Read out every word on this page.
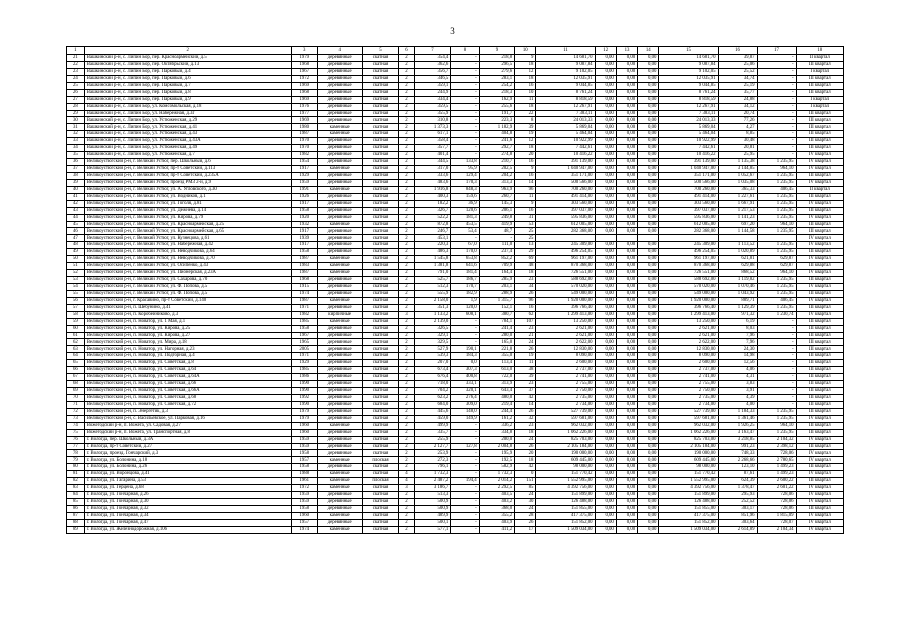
3
1	2	3	4	5	6	7	8	9	10	11	12	13	14	15	16	17	18
21	Вашкинский р-н, с. Липин Бор, пер. Красноармейский, д.5	1979	деревянные	скатная	2	354,4	-	218,8	9	14 681,70	0,00	0,00	0,00	14 681,70	39,87	-	II квартал
22	Вашкинский р-н, с. Липин Бор, пер. Октябрьский, д.13	1968	деревянные	скатная	2	362,6	-	296,5	18	9 087,84	0,00	0,00	0,00	9 087,84	25,06	-	III квартал
23	Вашкинский р-н, с. Липин Бор, пер. Парковый, д.4	1967	деревянные	скатная	2	356,7	-	279,6	12	9 102,05	0,00	0,00	0,00	9 102,05	25,52	-	I квартал
24	Вашкинский р-н, с. Липин Бор, пер. Парковый, д.6	1972	деревянные	скатная	2	346,5	-	283,1	18	12 035,91	0,00	0,00	0,00	12 035,91	34,74	-	III квартал
25	Вашкинский р-н, с. Липин Бор, пер. Парковый, д.7	1969	деревянные	скатная	2	359,1	-	254,2	16	9 044,85	0,00	0,00	0,00	9 044,85	25,19	-	III квартал
26	Вашкинский р-н, с. Липин Бор, пер. Парковый, д.8	1968	деревянные	скатная	2	244,9	-	218,3	10	8 761,24	0,00	0,00	0,00	8 761,24	35,77	-	III квартал
27	Вашкинский р-н, с. Липин Бор, пер. Парковый, д.9	1969	деревянные	скатная	2	334,4	-	162,9	11	8 818,59	0,00	0,00	0,00	8 818,59	24,88	-	I квартал
28	Вашкинский р-н, с. Липин Бор, ул. Комсомольская, д.18	1976	деревянные	скатная	2	359,5	-	255,6	18	12 267,91	0,00	0,00	0,00	12 267,91	34,12	-	I квартал
29	Вашкинский р-н, с. Липин Бор, ул. Набережная, д.3Г	1977	деревянные	скатная	2	355,9	-	191,7	22	7 383,11	0,00	0,00	0,00	7 383,11	20,74	-	III квартал
30	Вашкинский р-н, с. Липин Бор, ул. Устюженская, д.29	1969	деревянные	скатная	2	310,8	-	223,3	8	24 013,33	0,00	0,00	0,00	24 013,33	77,26	-	III квартал
31	Вашкинский р-н, с. Липин Бор, ул. Устюженская, д.41	1980	каменные	скатная	2	1 373,3	-	1 182,9	39	5 869,04	0,00	0,00	0,00	5 869,04	4,27	-	III квартал
32	Вашкинский р-н, с. Липин Бор, ул. Устюженская, д.43	1987	каменные	скатная	2	617,1	-	404,8	19	5 464,04	0,00	0,00	0,00	5 464,04	8,85	-	III квартал
33	Вашкинский р-н, с. Липин Бор, ул. Устюженская, д.43А	1970	деревянные	скатная	2	358,4	-	241,6	12	10 922,99	0,00	0,00	0,00	10 922,99	30,48	-	III квартал
34	Вашкинский р-н, с. Липин Бор, ул. Устюженская, д.49	1970	деревянные	скатная	2	357,7	-	292,7	18	7 442,61	0,00	0,00	0,00	7 442,61	20,81	-	III квартал
35	Вашкинский р-н, с. Липин Бор, ул. Устюженская, д.7	1982	деревянные	скатная	2	401,4	-	274,8	20	10 416,22	0,00	0,00	0,00	10 416,22	25,95	-	IV квартал
36	Великоустюгский р-н, г. Великий Устюг, пер. Школьный, д.6	1954	деревянные	скатная	2	344,5	133,8	210,7	16	391 139,00	0,00	0,00	0,00	391 139,00	1 135,38	1 235,95	IV квартал
37	Великоустюгский р-н, г. Великий Устюг, пр-т Советский, д.113	1917	каменные	скатная	2	317,0	95,9	202,5	9	1 040 947,00	0,00	0,00	0,00	1 040 947,00	3 144,85	964,10	IV квартал
38	Великоустюгский р-н, г. Великий Устюг, пр-т Советский, д.235А	1929	деревянные	скатная	2	333,6	129,4	204,2	16	351 171,00	0,00	0,00	0,00	351 171,00	1 052,67	1 235,95	III квартал
39	Великоустюгский р-н, г. Великий Устюг, проезд РМЗ 2-й, д.9	1959	деревянные	скатная	2	483,6	170,3	313,3	14	500 566,00	0,00	0,00	0,00	500 566,00	1 035,08	1 235,95	IV квартал
40	Великоустюгский р-н, г. Великий Устюг, ул. А. Угловского, д.30	1991	каменные	скатная	2	1 916,8	848,3	963,9	96	700 260,00	0,00	0,00	0,00	700 260,00	365,33	406,45	II квартал
41	Великоустюгский р-н, г. Великий Устюг, ул. Водников, д.1	1926	деревянные	скатная	2	400,3	159,6	260,7	11	491 414,00	0,00	0,00	0,00	491 414,00	1 227,61	1 235,95	III квартал
42	Великоустюгский р-н, г. Великий Устюг, ул. Гоголя, д.81	1917	деревянные	скатная	2	182,2	36,9	145,3	9	303 560,00	0,00	0,00	0,00	303 560,00	1 667,91	1 235,95	IV квартал
43	Великоустюгский р-н, г. Великий Устюг, ул. Дежнева, д.14	1958	деревянные	скатная	2	326,7	120,6	206,1	16	397 037,00	0,00	0,00	0,00	397 037,00	1 217,53	1 235,95	III квартал
44	Великоустюгский р-н, г. Великий Устюг, ул. Кирова, д.79	1920	деревянные	скатная	2	522,2	181,3	249,8	31	595 836,00	0,00	0,00	0,00	595 836,00	1 141,23	1 235,95	IV квартал
45	Великоустюгский р-н, г. Великий Устюг, ул. Красноармейская, д.25	1932	каменные	скатная	2	872,8	453,5	419,9	53	612 005,00	0,00	0,00	0,00	612 005,00	697,20	964,10	III квартал
46	Великоустюгский р-н, г. Великий Устюг, ул. Красноармейская, д.65	1917	деревянные	скатная	2	246,7	53,4	48,7	25	282 368,00	0,00	0,00	0,00	282 368,00	1 144,58	1 235,95	III квартал
47	Великоустюгский р-н, г. Великий Устюг, ул. Кузнецова, д.61	1939	деревянные	скатная	2	453,1	-	-	25								IV квартал
48	Великоустюгский р-н, г. Великий Устюг, ул. Набережная, д.42	1917	деревянные	скатная	2	220,3	67,0	111,0	13	245 309,00	0,00	0,00	0,00	245 309,00	1 113,52	1 235,95	IV квартал
49	Великоустюгский р-н, г. Великий Устюг, ул. Неводчикова, д.64	1958	деревянные	скатная	2	486,3	170,0	237,4	29	496 254,05	0,00	0,00	0,00	496 254,05	1 020,89	1 235,95	III квартал
50	Великоустюгский р-н, г. Великий Устюг, ул. Неводчикова, д.70	1987	каменные	скатная	2	1 545,8	653,8	852,2	69	961 197,00	0,00	0,00	0,00	961 197,00	621,81	629,87	IV квартал
51	Великоустюгский р-н, г. Великий Устюг, ул. Осипенко, д.43	1983	каменные	скатная	2	1 381,8	641,6	709,9	48	870 368,00	0,00	0,00	0,00	870 368,00	629,88	629,87	III квартал
52	Великоустюгский р-н, г. Великий Устюг, ул. Пионерская, д.23А	1987	каменные	скатная	2	791,0	181,4	164,4	18	726 551,00	0,00	0,00	0,00	726 551,00	868,52	964,10	IV квартал
53	Великоустюгский р-н, г. Великий Устюг, ул. Сахарова, д.70	1968	деревянные	скатная	2	525,7	186,7	285,9	23	588 692,00	0,00	0,00	0,00	588 692,00	1 119,82	1 235,95	III квартал
54	Великоустюгский р-н, г. Великий Устюг, ул. Ф. Попова, д.5	1915	деревянные	скатная	2	512,3	170,7	203,1	34	570 020,00	0,00	0,00	0,00	570 020,00	1 070,46	1 235,95	IV квартал
55	Великоустюгский р-н, г. Великий Устюг, ул. Ф. Попова, д.5	1974	деревянные	скатная	2	555,9	182,9	288,9	26	549 000,00	0,00	0,00	0,00	549 000,00	1 043,92	1 235,95	III квартал
56	Великоустюгский р-н, г. Красавино, пр-т Советский, д.140	1987	каменные	скатная	2	2 158,0	1,9	1 315,7	96	1 920 000,00	0,00	0,00	0,00	1 920 000,00	889,71	406,45	IV квартал
57	Великоустюгский р-н, п. Шебунино, д.41	1971	деревянные	скатная	2	351,3	120,0	152,1	16	396 766,40	0,00	0,00	0,00	396 766,40	1 129,39	1 235,95	III квартал
58	Великоустюгский р-н, п. Коробейниково, д.3	1982	кирпичные	скатная	3	1 133,2	608,1	380,7	62	1 299 413,00	0,00	0,00	0,00	1 299 413,00	971,32	1 230,74	IV квартал
59	Великоустюгский р-н, п. Новатор, ул. 1 Мая, д.1	1985	каменные	скатная	2	2 139,0	-	784,1	107	13 250,00	0,00	0,00	0,00	13 250,00	6,19	-	III квартал
60	Великоустюгский р-н, п. Новатор, ул. Кирова, д.25	1958	деревянные	скатная	2	326,5	-	241,4	23	2 621,00	0,00	0,00	0,00	2 621,00	8,03	-	III квартал
61	Великоустюгский р-н, п. Новатор, ул. Кирова, д.27	1967	деревянные	скатная	2	329,1	-	280,0	21	2 621,00	0,00	0,00	0,00	2 621,00	7,96	-	III квартал
62	Великоустюгский р-н, п. Новатор, ул. Мира, д.18	1965	деревянные	скатная	2	329,5	-	165,0	24	2 622,00	0,00	0,00	0,00	2 622,00	7,96	-	III квартал
63	Великоустюгский р-н, п. Новатор, ул. Нагорная, д.23	2005	деревянные	скатная	2	527,9	190,1	221,8	26	12 830,00	0,00	0,00	0,00	12 830,00	24,30	-	III квартал
64	Великоустюгский р-н, п. Новатор, ул. Подгорная, д.4	1971	деревянные	скатная	2	539,3	184,3	355,0	19	8 090,00	0,00	0,00	0,00	8 090,00	14,98	-	III квартал
65	Великоустюгский р-н, п. Новатор, ул. Советская, д.8	1929	деревянные	скатная	2	207,0	0,0	113,4	11	2 600,00	0,00	0,00	0,00	2 600,00	12,56	-	III квартал
66	Великоустюгский р-н, п. Новатор, ул. Советская, д.64	1985	деревянные	скатная	2	673,4	307,3	613,0	38	2 737,00	0,00	0,00	0,00	2 737,00	4,06	-	III квартал
67	Великоустюгский р-н, п. Новатор, ул. Советская, д.64А	1986	деревянные	скатная	2	676,4	400,8	722,0	39	2 741,00	0,00	0,00	0,00	2 741,00	4,31	-	III квартал
68	Великоустюгский р-н, п. Новатор, ул. Советская, д.66	1990	деревянные	скатная	2	718,0	333,1	313,9	23	2 755,00	0,00	0,00	0,00	2 755,00	3,83	-	III квартал
69	Великоустюгский р-н, п. Новатор, ул. Советская, д.66А	1990	деревянные	скатная	2	704,2	320,1	643,4	37	2 750,00	0,00	0,00	0,00	2 750,00	3,91	-	III квартал
70	Великоустюгский р-н, п. Новатор, ул. Советская, д.68	1992	деревянные	скатная	2	623,2	276,4	480,0	42	2 735,00	0,00	0,00	0,00	2 735,00	4,39	-	III квартал
71	Великоустюгский р-н, п. Новатор, ул. Советская, д.72	1990	деревянные	скатная	2	684,0	309,0	219,4	14	2 734,00	0,00	0,00	0,00	2 734,00	4,00	-	III квартал
72	Великоустюгский р-н, п. Энергетик, д.3	1979	деревянные	скатная	2	445,6	148,0	244,4	26	527 739,00	0,00	0,00	0,00	527 739,00	1 184,33	1 235,95	III квартал
73	Великоустюгский р-н, с. Васильевское, ул. Парковая, д.16	1979	деревянные	скатная	2	459,0	149,9	161,2	32	597 681,00	0,00	0,00	0,00	597 681,00	1 361,46	1 235,95	IV квартал
74	Вожегодский р-н, п. Вожега, ул. Садовая, д.27	1960	каменные	скатная	2	499,9	-	336,2	23	962 032,00	0,00	0,00	0,00	962 032,00	1 926,25	964,10	III квартал
75	Вожегодский р-н, п. Вожега, ул. Транспортная, д.8	1960	деревянные	скатная	2	335,7	-	334,8	18	1 062 226,00	0,00	0,00	0,00	1 062 226,00	3 163,47	1 235,95	III квартал
76	г. Вологда, пер. Школьный, д.3А	1959	деревянные	скатная	2	255,9	-	200,0	24	825 703,00	0,00	0,00	0,00	825 703,00	3 218,85	2 104,32	IV квартал
77	г. Вологда, пр-т Советский, д.27	1959	деревянные	скатная	2	2 127,7	127,8	2 004,8	26	2 105 184,00	0,00	0,00	0,00	2 105 184,00	991,23	2 398,12	III квартал
78	г. Вологда, проезд. Гончарский, д.3	1958	деревянные	скатная	2	253,9	-	195,9	20	190 000,00	0,00	0,00	0,00	190 000,00	748,33	728,06	IV квартал
79	г. Вологда, ул. Болонина, д.18	1957	каменные	плоская	2	272,3	-	192,5	18	609 445,00	0,00	0,00	0,00	609 445,00	2 268,66	2 780,65	IV квартал
80	г. Вологда, ул. Болонина, д.26	1958	деревянные	скатная	2	796,1	-	582,9	42	98 000,00	0,00	0,00	0,00	98 000,00	123,10	1 499,23	III квартал
81	г. Вологда, ул. Воронцова, д.41	1988	каменные	скатная	4	1 732,3	-	1 732,3	0	151 770,42	0,00	0,00	0,00	151 770,42	87,61	1 499,23	IV квартал
82	г. Вологда, ул. Гагарина, д.53	1961	каменные	плоская	4	2 487,2	194,4	2 014,2	151	1 552 995,00	0,00	0,00	0,00	1 552 995,00	624,39	2 600,22	III квартал
83	г. Вологда, ул. Герцена, д.68	1972	каменные	скатная	3	3 186,7	-	2 292,5	85	4 392 756,00	0,00	0,00	0,00	4 392 756,00	1 378,47	2 601,22	IV квартал
84	г. Вологда, ул. Гончарная, д.26	1959	деревянные	скатная	2	513,3	-	403,5	24	151 899,00	0,00	0,00	0,00	151 899,00	295,93	728,06	IV квартал
85	г. Вологда, ул. Гончарная, д.30	1959	деревянные	скатная	2	500,9	-	403,2	30	126 488,00	0,00	0,00	0,00	126 488,00	252,52	728,06	IV квартал
86	г. Вологда, ул. Гончарная, д.32	1958	деревянные	скатная	2	500,9	-	368,0	24	151 855,00	0,00	0,00	0,00	151 855,00	303,17	728,06	III квартал
87	г. Вологда, ул. Гончарная, д.34	1960	каменные	скатная	2	489,9	-	355,2	28	417 375,00	0,00	0,00	0,00	417 375,00	851,96	1 815,09	IV квартал
88	г. Вологда, ул. Гончарная, д.47	1957	деревянные	скатная	2	500,1	-	403,9	26	151 852,00	0,00	0,00	0,00	151 852,00	303,64	728,07	IV квартал
89	г. Вологда, ул. Железнодорожная, д.106	1974	каменные	скатная	2	577,1	-	411,2	17	1 509 034,00	0,00	0,00	0,00	1 509 034,00	2 614,89	2 104,34	IV квартал
